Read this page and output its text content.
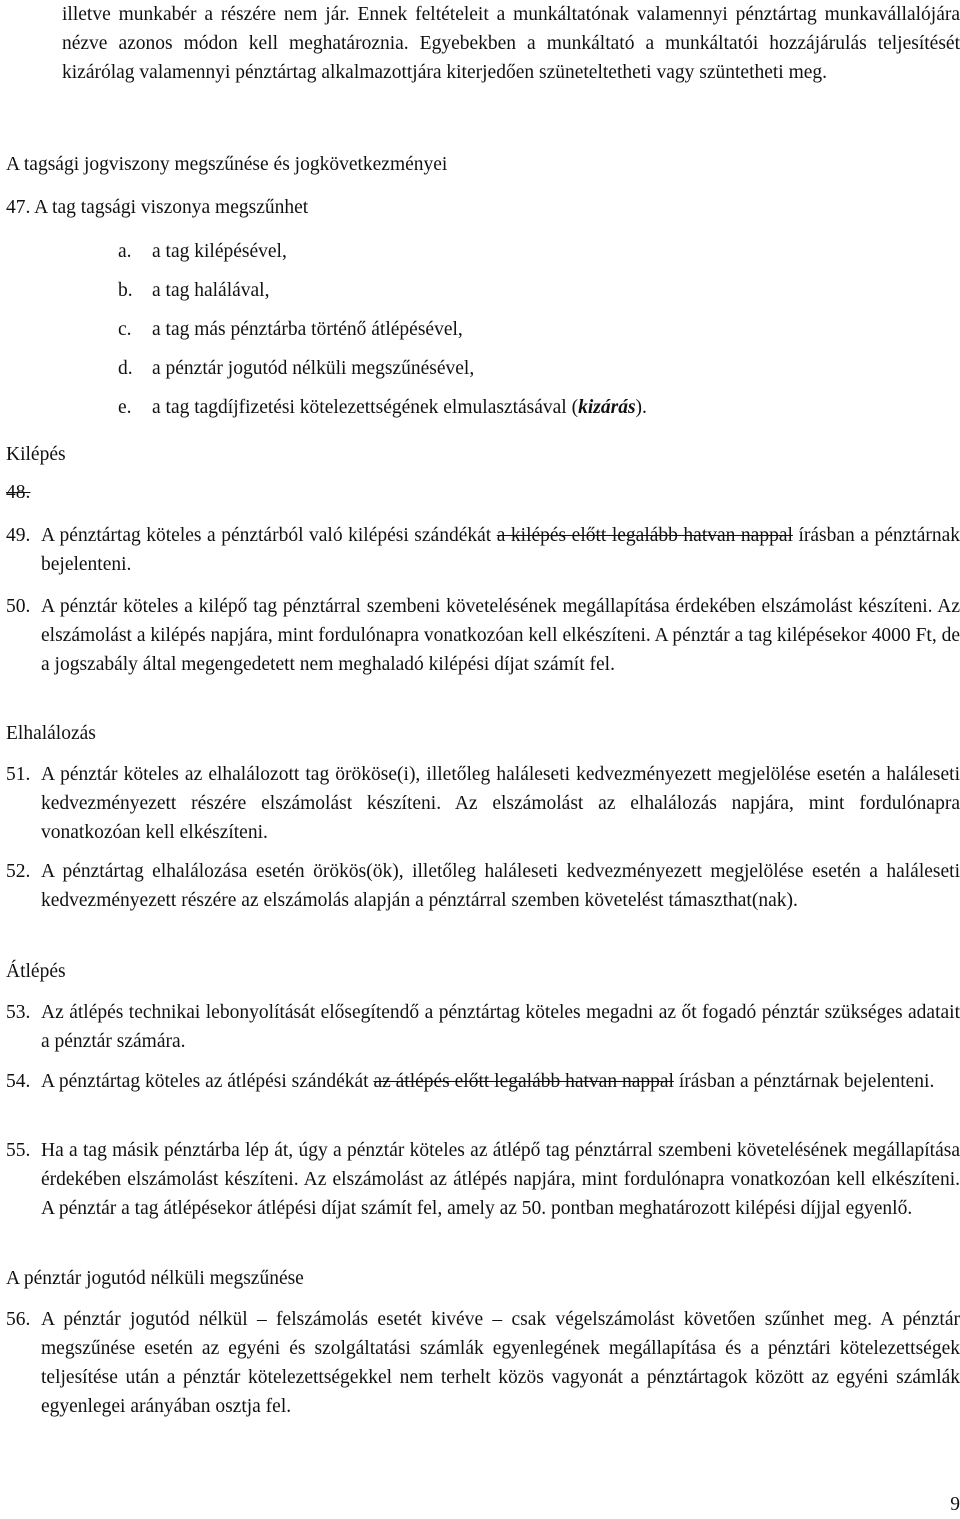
illetve munkabér a részére nem jár. Ennek feltételeit a munkáltatónak valamennyi pénztártag munkavállalójára nézve azonos módon kell meghatároznia. Egyebekben a munkáltató a munkáltatói hozzájárulás teljesítését kizárólag valamennyi pénztártag alkalmazottjára kiterjedően szüneteltetheti vagy szüntetheti meg.
A tagsági jogviszony megszűnése és jogkövetkezményei
47. A tag tagsági viszonya megszűnhet
a. a tag kilépésével,
b. a tag halálával,
c. a tag más pénztárba történő átlépésével,
d. a pénztár jogutód nélküli megszűnésével,
e. a tag tagdíjfizetési kötelezettségének elmulasztásával (kizárás).
Kilépés
48.
49. A pénztártag köteles a pénztárból való kilépési szándékát a kilépés előtt legalább hatvan nappal írásban a pénztárnak bejelenteni.
50. A pénztár köteles a kilépő tag pénztárral szembeni követelésének megállapítása érdekében elszámolást készíteni. Az elszámolást a kilépés napjára, mint fordulónapra vonatkozóan kell elkészíteni. A pénztár a tag kilépésekor 4000 Ft, de a jogszabály által megengedetett nem meghaladó kilépési díjat számít fel.
Elhalálozás
51. A pénztár köteles az elhalálozott tag örököse(i), illetőleg haláleseti kedvezményezett megjelölése esetén a haláleseti kedvezményezett részére elszámolást készíteni. Az elszámolást az elhalálozás napjára, mint fordulónapra vonatkozóan kell elkészíteni.
52. A pénztártag elhalálozása esetén örökös(ök), illetőleg haláleseti kedvezményezett megjelölése esetén a haláleseti kedvezményezett részére az elszámolás alapján a pénztárral szemben követelést támaszthat(nak).
Átlépés
53. Az átlépés technikai lebonyolítását elősegítendő a pénztártag köteles megadni az őt fogadó pénztár szükséges adatait a pénztár számára.
54. A pénztártag köteles az átlépési szándékát az átlépés előtt legalább hatvan nappal írásban a pénztárnak bejelenteni.
55. Ha a tag másik pénztárba lép át, úgy a pénztár köteles az átlépő tag pénztárral szembeni követelésének megállapítása érdekében elszámolást készíteni. Az elszámolást az átlépés napjára, mint fordulónapra vonatkozóan kell elkészíteni. A pénztár a tag átlépésekor átlépési díjat számít fel, amely az 50. pontban meghatározott kilépési díjjal egyenlő.
A pénztár jogutód nélküli megszűnése
56. A pénztár jogutód nélkül – felszámolás esetét kivéve – csak végelszámolást követően szűnhet meg. A pénztár megszűnése esetén az egyéni és szolgáltatási számlák egyenlegének megállapítása és a pénztári kötelezettségek teljesítése után a pénztár kötelezettségekkel nem terhelt közös vagyonát a pénztártagok között az egyéni számlák egyenlegei arányában osztja fel.
9
